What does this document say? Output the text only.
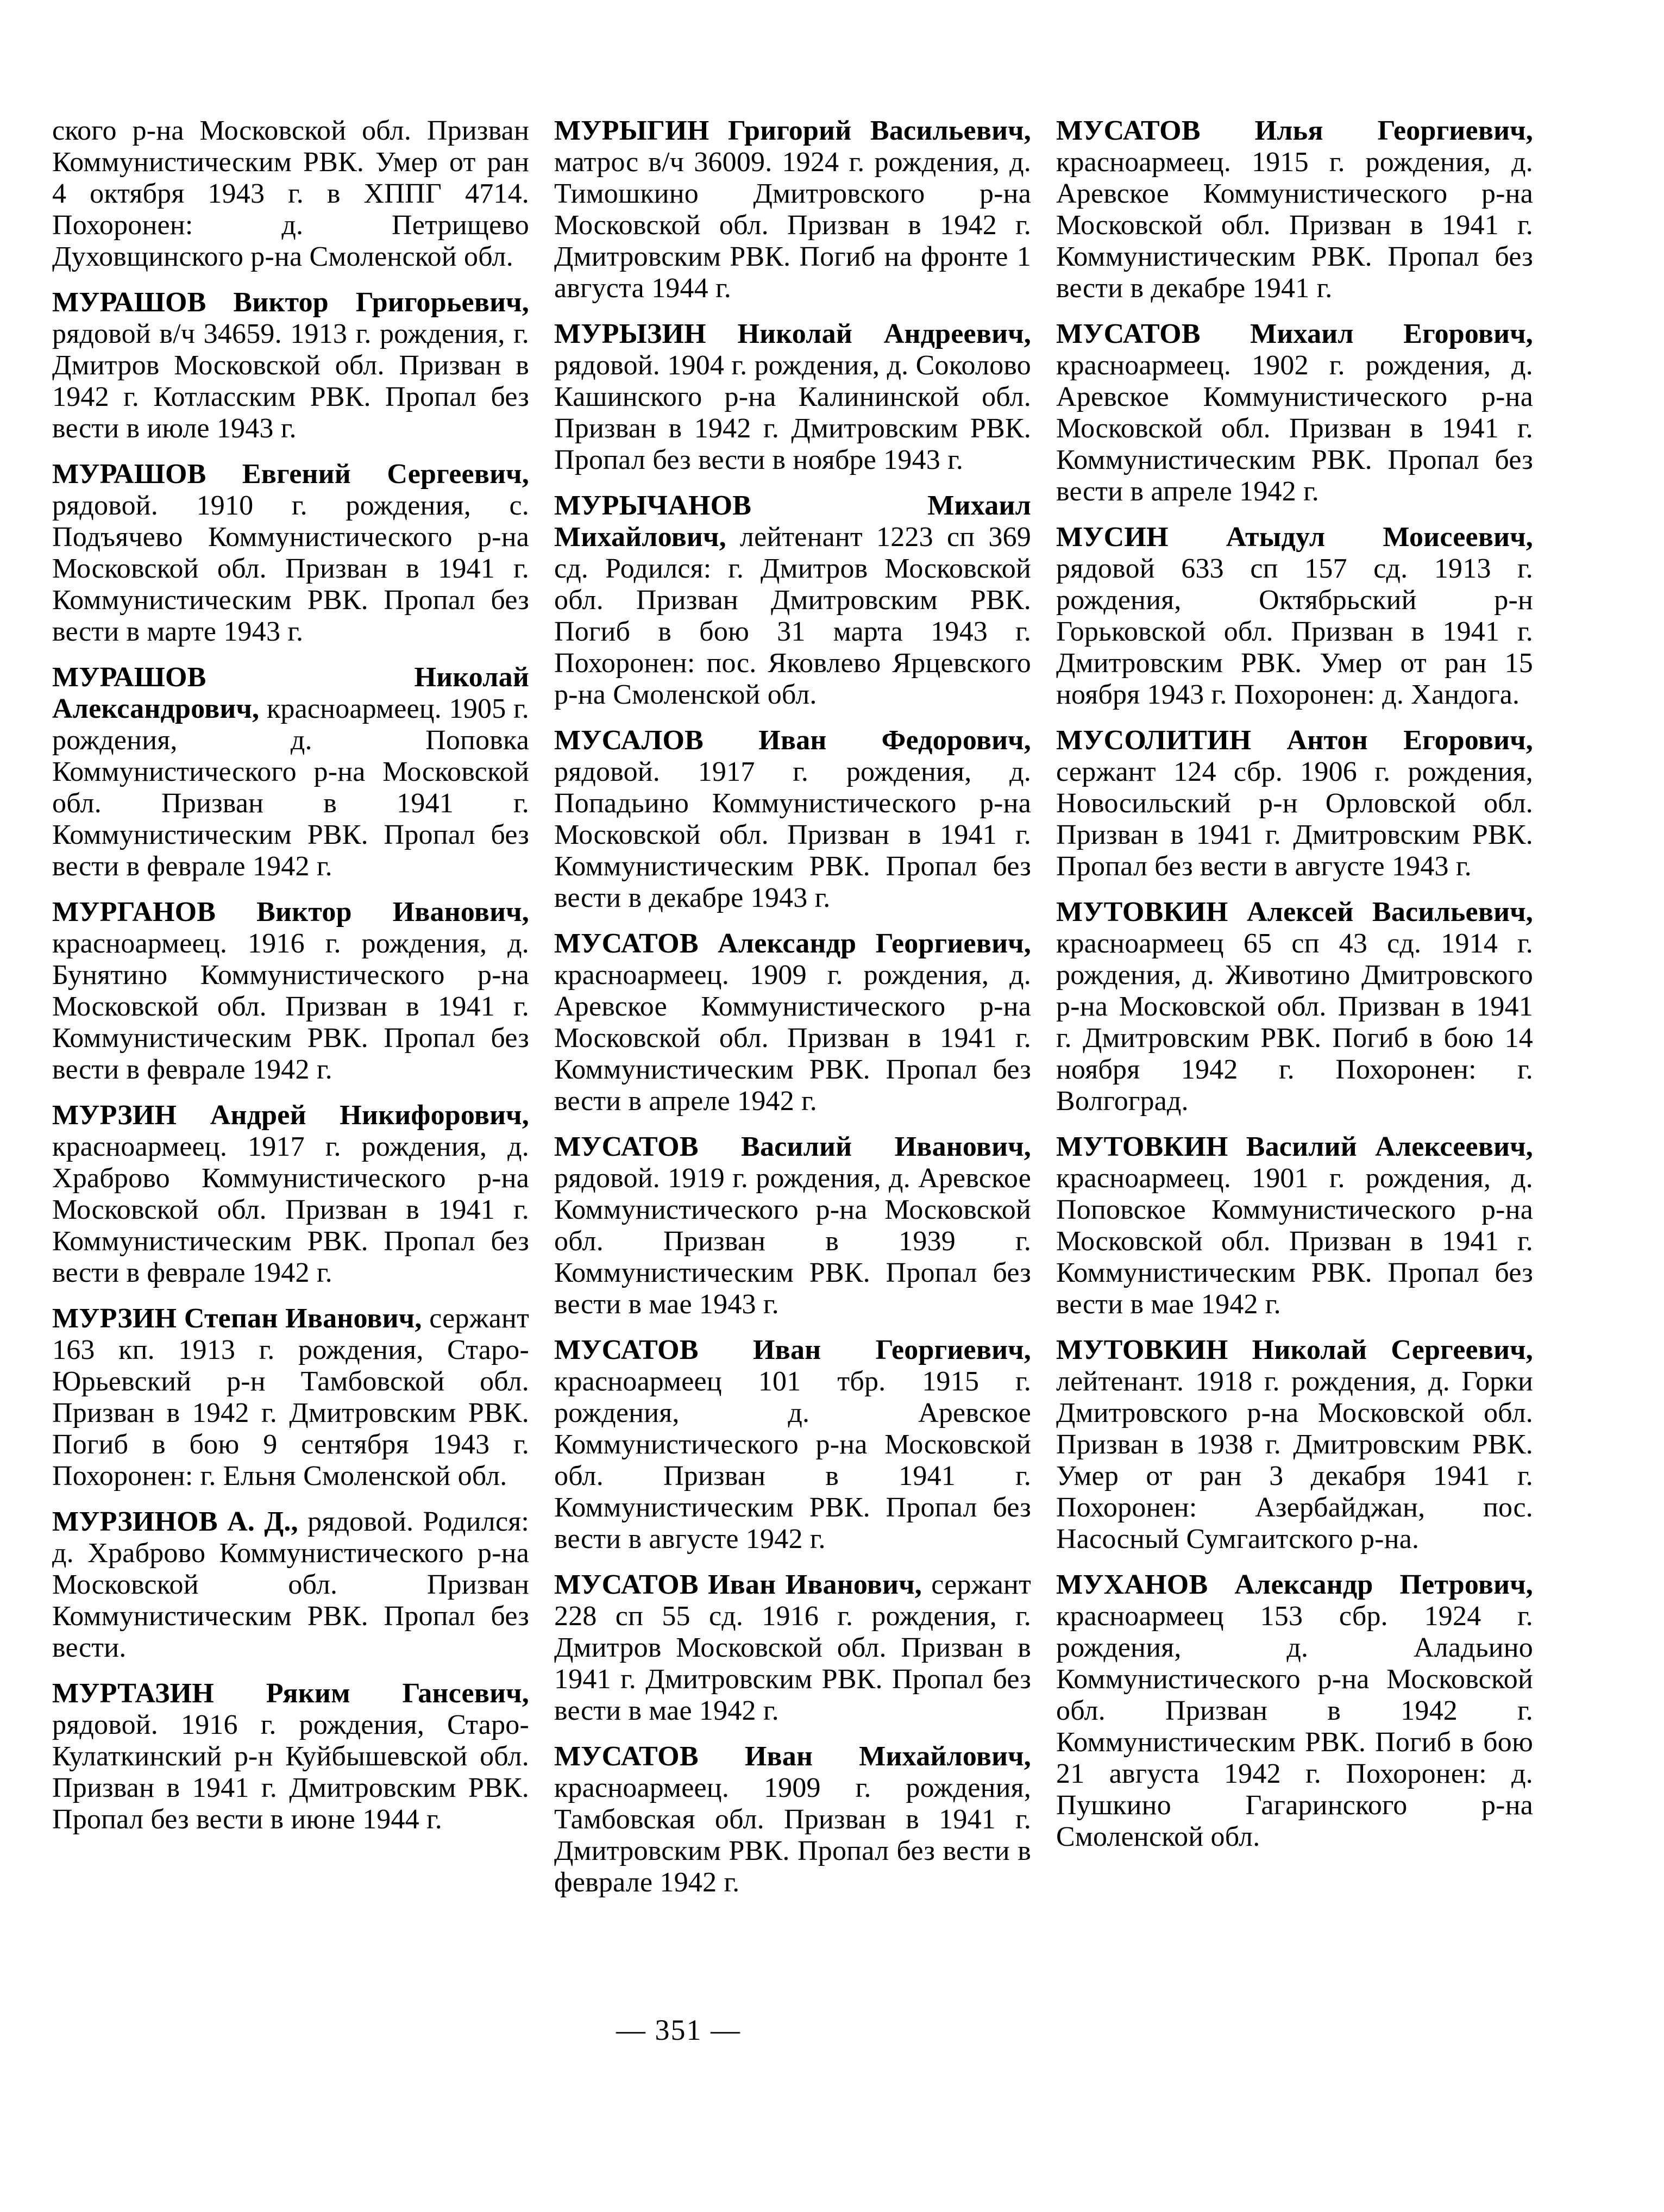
ского р-на Московской обл. Призван Коммунистическим РВК. Умер от ран 4 октября 1943 г. в ХППГ 4714. Похоронен: д. Петрищево Духовщинского р-на Смоленской обл.

МУРАШОВ Виктор Григорьевич, рядовой в/ч 34659. 1913 г. рождения, г. Дмитров Московской обл. Призван в 1942 г. Котласским РВК. Пропал без вести в июле 1943 г.

МУРАШОВ Евгений Сергеевич, рядовой. 1910 г. рождения, с. Подъячево Коммунистического р-на Московской обл. Призван в 1941 г. Коммунистическим РВК. Пропал без вести в марте 1943 г.

МУРАШОВ Николай Александрович, красноармеец. 1905 г. рождения, д. Поповка Коммунистического р-на Московской обл. Призван в 1941 г. Коммунистическим РВК. Пропал без вести в феврале 1942 г.

МУРГАНОВ Виктор Иванович, красноармеец. 1916 г. рождения, д. Бунятино Коммунистического р-на Московской обл. Призван в 1941 г. Коммунистическим РВК. Пропал без вести в феврале 1942 г.

МУРЗИН Андрей Никифорович, красноармеец. 1917 г. рождения, д. Храброво Коммунистического р-на Московской обл. Призван в 1941 г. Коммунистическим РВК. Пропал без вести в феврале 1942 г.

МУРЗИН Степан Иванович, сержант 163 кп. 1913 г. рождения, Старо-Юрьевский р-н Тамбовской обл. Призван в 1942 г. Дмитровским РВК. Погиб в бою 9 сентября 1943 г. Похоронен: г. Ельня Смоленской обл.

МУРЗИНОВ А. Д., рядовой. Родился: д. Храброво Коммунистического р-на Московской обл. Призван Коммунистическим РВК. Пропал без вести.

МУРТАЗИН Ряким Гансевич, рядовой. 1916 г. рождения, Старо-Кулаткинский р-н Куйбышевской обл. Призван в 1941 г. Дмитровским РВК. Пропал без вести в июне 1944 г.

МУРЫГИН Григорий Васильевич, матрос в/ч 36009. 1924 г. рождения, д. Тимошкино Дмитровского р-на Московской обл. Призван в 1942 г. Дмитровским РВК. Погиб на фронте 1 августа 1944 г.

МУРЫЗИН Николай Андреевич, рядовой. 1904 г. рождения, д. Соколово Кашинского р-на Калининской обл. Призван в 1942 г. Дмитровским РВК. Пропал без вести в ноябре 1943 г.

МУРЫЧАНОВ Михаил Михайлович, лейтенант 1223 сп 369 сд. Родился: г. Дмитров Московской обл. Призван Дмитровским РВК. Погиб в бою 31 марта 1943 г. Похоронен: пос. Яковлево Ярцевского р-на Смоленской обл.

МУСАЛОВ Иван Федорович, рядовой. 1917 г. рождения, д. Попадьино Коммунистического р-на Московской обл. Призван в 1941 г. Коммунистическим РВК. Пропал без вести в декабре 1943 г.

МУСАТОВ Александр Георгиевич, красноармеец. 1909 г. рождения, д. Аревское Коммунистического р-на Московской обл. Призван в 1941 г. Коммунистическим РВК. Пропал без вести в апреле 1942 г.

МУСАТОВ Василий Иванович, рядовой. 1919 г. рождения, д. Аревское Коммунистического р-на Московской обл. Призван в 1939 г. Коммунистическим РВК. Пропал без вести в мае 1943 г.

МУСАТОВ Иван Георгиевич, красноармеец 101 тбр. 1915 г. рождения, д. Аревское Коммунистического р-на Московской обл. Призван в 1941 г. Коммунистическим РВК. Пропал без вести в августе 1942 г.

МУСАТОВ Иван Иванович, сержант 228 сп 55 сд. 1916 г. рождения, г. Дмитров Московской обл. Призван в 1941 г. Дмитровским РВК. Пропал без вести в мае 1942 г.

МУСАТОВ Иван Михайлович, красноармеец. 1909 г. рождения, Тамбовская обл. Призван в 1941 г. Дмитровским РВК. Пропал без вести в феврале 1942 г.

МУСАТОВ Илья Георгиевич, красноармеец. 1915 г. рождения, д. Аревское Коммунистического р-на Московской обл. Призван в 1941 г. Коммунистическим РВК. Пропал без вести в декабре 1941 г.

МУСАТОВ Михаил Егорович, красноармеец. 1902 г. рождения, д. Аревское Коммунистического р-на Московской обл. Призван в 1941 г. Коммунистическим РВК. Пропал без вести в апреле 1942 г.

МУСИН Атыдул Моисеевич, рядовой 633 сп 157 сд. 1913 г. рождения, Октябрьский р-н Горьковской обл. Призван в 1941 г. Дмитровским РВК. Умер от ран 15 ноября 1943 г. Похоронен: д. Хандога.

МУСОЛИТИН Антон Егорович, сержант 124 сбр. 1906 г. рождения, Новосильский р-н Орловской обл. Призван в 1941 г. Дмитровским РВК. Пропал без вести в августе 1943 г.

МУТОВКИН Алексей Васильевич, красноармеец 65 сп 43 сд. 1914 г. рождения, д. Животино Дмитровского р-на Московской обл. Призван в 1941 г. Дмитровским РВК. Погиб в бою 14 ноября 1942 г. Похоронен: г. Волгоград.

МУТОВКИН Василий Алексеевич, красноармеец. 1901 г. рождения, д. Поповское Коммунистического р-на Московской обл. Призван в 1941 г. Коммунистическим РВК. Пропал без вести в мае 1942 г.

МУТОВКИН Николай Сергеевич, лейтенант. 1918 г. рождения, д. Горки Дмитровского р-на Московской обл. Призван в 1938 г. Дмитровским РВК. Умер от ран 3 декабря 1941 г. Похоронен: Азербайджан, пос. Насосный Сумгаитского р-на.

МУХАНОВ Александр Петрович, красноармеец 153 сбр. 1924 г. рождения, д. Аладьино Коммунистического р-на Московской обл. Призван в 1942 г. Коммунистическим РВК. Погиб в бою 21 августа 1942 г. Похоронен: д. Пушкино Гагаринского р-на Смоленской обл.

— 351 —
